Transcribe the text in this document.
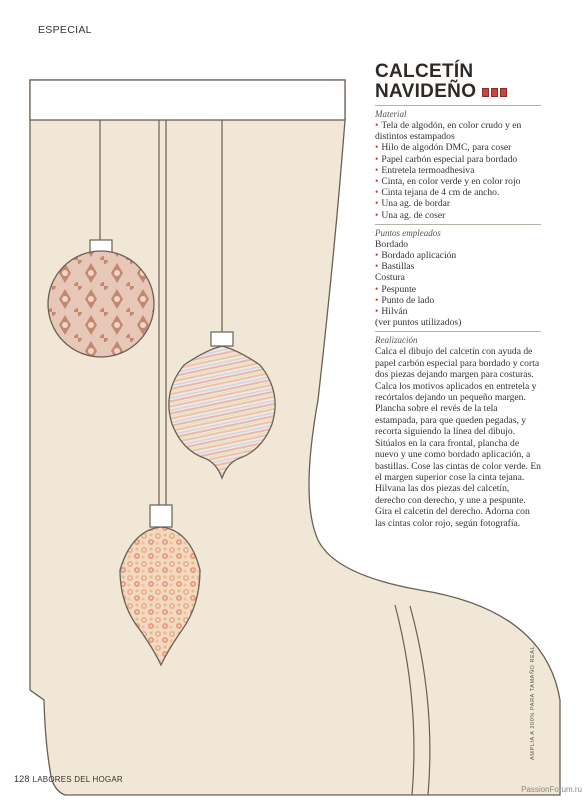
ESPECIAL
CALCETÍN

NAVIDEÑO
Material
• Tela de algodón, en color crudo y en distintos estampados
• Hilo de algodón DMC, para coser
• Papel carbón especial para bordado
• Entretela termoadhesiva
• Cinta, en color verde y en color rojo
• Cinta tejana de 4 cm de ancho.
• Una ag. de bordar
• Una ag. de coser
Puntos empleados
Bordado
• Bordado aplicación
• Bastillas
Costura
• Pespunte
• Punto de lado
• Hilván
(ver puntos utilizados)
Realización

Calca el dibujo del calcetín con ayuda de papel carbón especial para bordado y corta dos piezas dejando margen para costuras. Calca los motivos aplicados en entretela y recórtalos dejando un pequeño margen. Plancha sobre el revés de la tela estampada, para que queden pegadas, y recorta siguiendo la línea del dibujo. Sitúalos en la cara frontal, plancha de nuevo y une como bordado aplicación, a bastillas. Cose las cintas de color verde. En el margen superior cose la cinta tejana. Hilvana las dos piezas del calcetín, derecho con derecho, y une a pespunte. Gira el calcetín del derecho. Adorna con las cintas color rojo, según fotografía.

AMPLIA A 200% PARA TAMAÑO REAL
128 LABORES DEL HOGAR
PassionForum.ru
